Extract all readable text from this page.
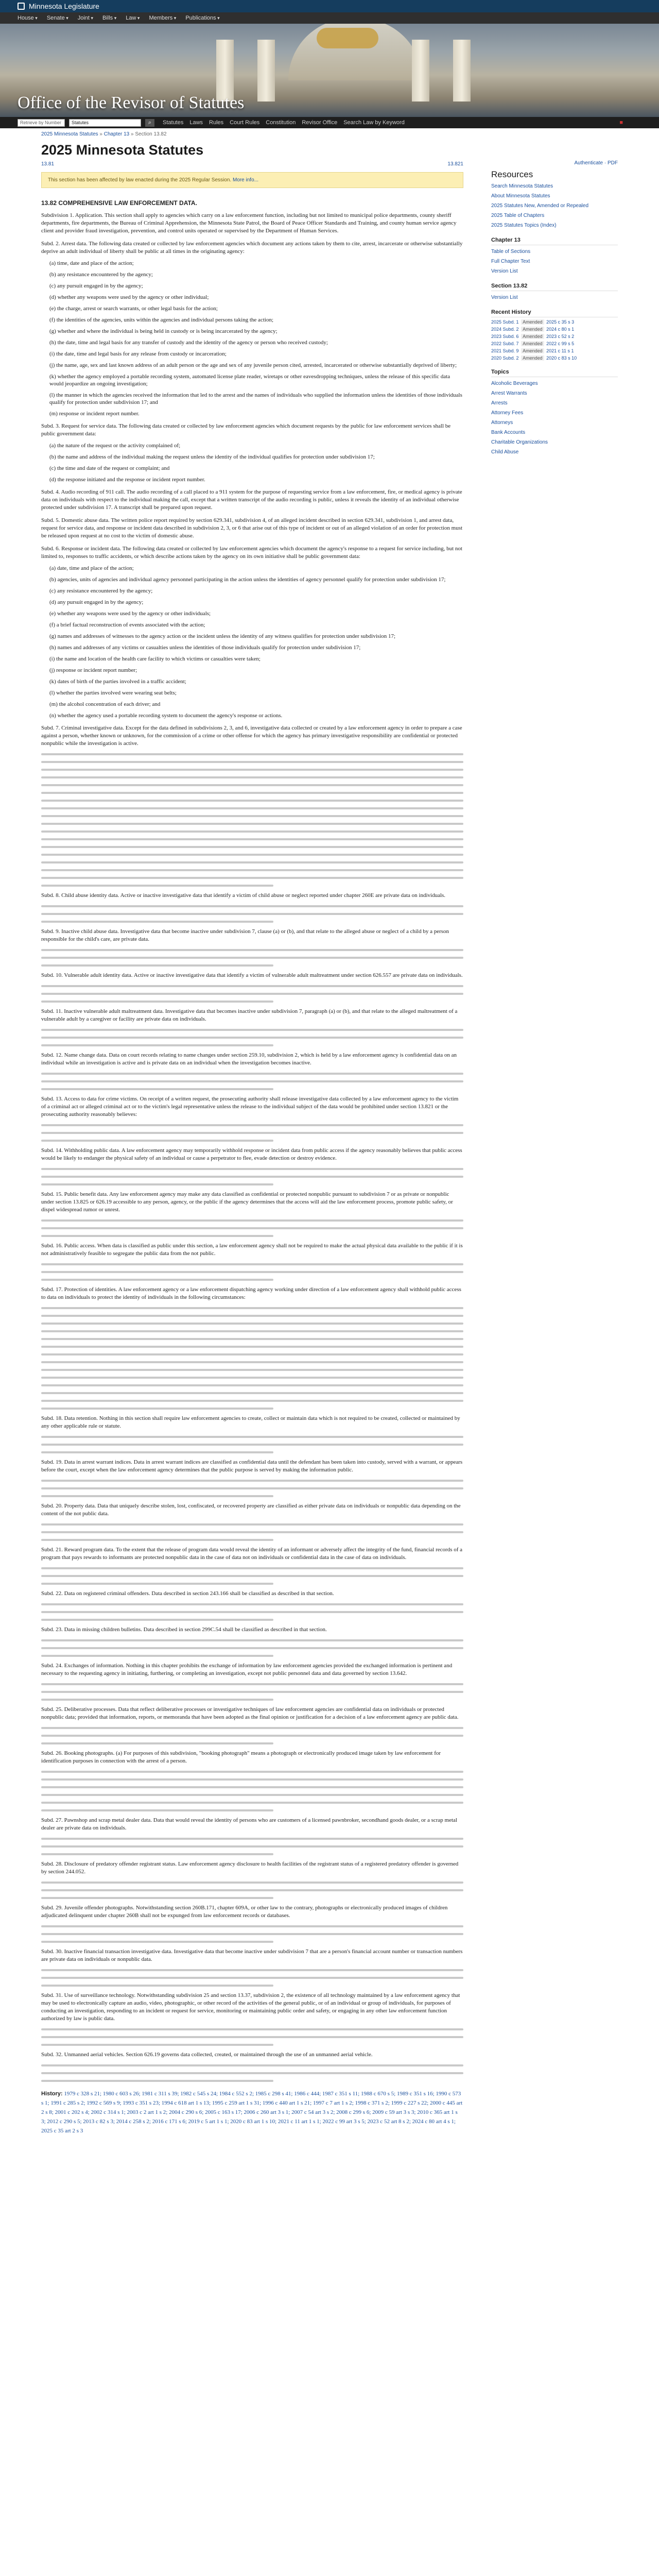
Minnesota Legislature
House ▾	Senate ▾	Joint ▾	Bills ▾	Law ▾	Members ▾	Publications ▾
Office of the Revisor of Statutes
Retrieve by Number	Statutes	⌕ Statutes Laws Rules Court Rules Constitution Revisor Office Search Law by Keyword	■
2025 Minnesota Statutes » Chapter 13 » Section 13.82
2025 Minnesota Statutes
13.81	13.821
This section has been affected by law enacted during the 2025 Regular Session. More info...
13.82 COMPREHENSIVE LAW ENFORCEMENT DATA.
Subdivision 1. Application. This section shall apply to agencies which carry on a law enforcement function, including but not limited to municipal police departments, county sheriff departments, fire departments, the Bureau of Criminal Apprehension, the Minnesota State Patrol, the Board of Peace Officer Standards and Training, and county human service agency client and provider fraud investigation, prevention, and control units operated or supervised by the Department of Human Services.
Subd. 2. Arrest data. The following data created or collected by law enforcement agencies which document any actions taken by them to cite, arrest, incarcerate or otherwise substantially deprive an adult individual of liberty shall be public at all times in the originating agency:
(a) time, date and place of the action;
(b) any resistance encountered by the agency;
(c) any pursuit engaged in by the agency;
(d) whether any weapons were used by the agency or other individual;
(e) the charge, arrest or search warrants, or other legal basis for the action;
(f) the identities of the agencies, units within the agencies and individual persons taking the action;
(g) whether and where the individual is being held in custody or is being incarcerated by the agency;
(h) the date, time and legal basis for any transfer of custody and the identity of the agency or person who received custody;
(i) the date, time and legal basis for any release from custody or incarceration;
(j) the name, age, sex and last known address of an adult person or the age and sex of any juvenile person cited, arrested, incarcerated or otherwise substantially deprived of liberty;
(k) whether the agency employed a portable recording system, automated license plate reader, wiretaps or other eavesdropping techniques, unless the release of this specific data would jeopardize an ongoing investigation;
(l) the manner in which the agencies received the information that led to the arrest and the names of individuals who supplied the information unless the identities of those individuals qualify for protection under subdivision 17; and
(m) response or incident report number.
Subd. 3. Request for service data. The following data created or collected by law enforcement agencies which document requests by the public for law enforcement services shall be public government data:
(a) the nature of the request or the activity complained of;
(b) the name and address of the individual making the request unless the identity of the individual qualifies for protection under subdivision 17;
(c) the time and date of the request or complaint; and
(d) the response initiated and the response or incident report number.
Subd. 4. Audio recording of 911 call. The audio recording of a call placed to a 911 system for the purpose of requesting service from a law enforcement, fire, or medical agency is private data on individuals with respect to the individual making the call, except that a written transcript of the audio recording is public, unless it reveals the identity of an individual otherwise protected under subdivision 17. A transcript shall be prepared upon request.
Subd. 5. Domestic abuse data. The written police report required by section 629.341, subdivision 4, of an alleged incident described in section 629.341, subdivision 1, and arrest data, request for service data, and response or incident data described in subdivision 2, 3, or 6 that arise out of this type of incident or out of an alleged violation of an order for protection must be released upon request at no cost to the victim of domestic abuse.
Subd. 6. Response or incident data. The following data created or collected by law enforcement agencies which document the agency's response to a request for service including, but not limited to, responses to traffic accidents, or which describe actions taken by the agency on its own initiative shall be public government data:
(a) date, time and place of the action;
(b) agencies, units of agencies and individual agency personnel participating in the action unless the identities of agency personnel qualify for protection under subdivision 17;
(c) any resistance encountered by the agency;
(d) any pursuit engaged in by the agency;
(e) whether any weapons were used by the agency or other individuals;
(f) a brief factual reconstruction of events associated with the action;
(g) names and addresses of witnesses to the agency action or the incident unless the identity of any witness qualifies for protection under subdivision 17;
(h) names and addresses of any victims or casualties unless the identities of those individuals qualify for protection under subdivision 17;
(i) the name and location of the health care facility to which victims or casualties were taken;
(j) response or incident report number;
(k) dates of birth of the parties involved in a traffic accident;
(l) whether the parties involved were wearing seat belts;
(m) the alcohol concentration of each driver; and
(n) whether the agency used a portable recording system to document the agency's response or actions.
Subd. 7. Criminal investigative data. Except for the data defined in subdivisions 2, 3, and 6, investigative data collected or created by a law enforcement agency in order to prepare a case against a person, whether known or unknown, for the commission of a crime or other offense for which the agency has primary investigative responsibility are confidential or protected nonpublic while the investigation is active.
Subd. 8. Child abuse identity data. Active or inactive investigative data that identify a victim of child abuse or neglect reported under chapter 260E are private data on individuals.
Subd. 9. Inactive child abuse data. Investigative data that become inactive under subdivision 7, clause (a) or (b), and that relate to the alleged abuse or neglect of a child by a person responsible for the child's care, are private data.
Subd. 10. Vulnerable adult identity data. Active or inactive investigative data that identify a victim of vulnerable adult maltreatment under section 626.557 are private data on individuals.
Subd. 11. Inactive vulnerable adult maltreatment data. Investigative data that becomes inactive under subdivision 7, paragraph (a) or (b), and that relate to the alleged maltreatment of a vulnerable adult by a caregiver or facility are private data on individuals.
Subd. 12. Name change data. Data on court records relating to name changes under section 259.10, subdivision 2, which is held by a law enforcement agency is confidential data on an individual while an investigation is active and is private data on an individual when the investigation becomes inactive.
Subd. 13. Access to data for crime victims. On receipt of a written request, the prosecuting authority shall release investigative data collected by a law enforcement agency to the victim of a criminal act or alleged criminal act or to the victim's legal representative unless the release to the individual subject of the data would be prohibited under section 13.821 or the prosecuting authority reasonably believes:
Subd. 14. Withholding public data. A law enforcement agency may temporarily withhold response or incident data from public access if the agency reasonably believes that public access would be likely to endanger the physical safety of an individual or cause a perpetrator to flee, evade detection or destroy evidence.
Subd. 15. Public benefit data. Any law enforcement agency may make any data classified as confidential or protected nonpublic pursuant to subdivision 7 or as private or nonpublic under section 13.825 or 626.19 accessible to any person, agency, or the public if the agency determines that the access will aid the law enforcement process, promote public safety, or dispel widespread rumor or unrest.
Subd. 16. Public access. When data is classified as public under this section, a law enforcement agency shall not be required to make the actual physical data available to the public if it is not administratively feasible to segregate the public data from the not public.
Subd. 17. Protection of identities. A law enforcement agency or a law enforcement dispatching agency working under direction of a law enforcement agency shall withhold public access to data on individuals to protect the identity of individuals in the following circumstances:
Subd. 18. Data retention. Nothing in this section shall require law enforcement agencies to create, collect or maintain data which is not required to be created, collected or maintained by any other applicable rule or statute.
Subd. 19. Data in arrest warrant indices. Data in arrest warrant indices are classified as confidential data until the defendant has been taken into custody, served with a warrant, or appears before the court, except when the law enforcement agency determines that the public purpose is served by making the information public.
Subd. 20. Property data. Data that uniquely describe stolen, lost, confiscated, or recovered property are classified as either private data on individuals or nonpublic data depending on the content of the not public data.
Subd. 21. Reward program data. To the extent that the release of program data would reveal the identity of an informant or adversely affect the integrity of the fund, financial records of a program that pays rewards to informants are protected nonpublic data in the case of data not on individuals or confidential data in the case of data on individuals.
Subd. 22. Data on registered criminal offenders. Data described in section 243.166 shall be classified as described in that section.
Subd. 23. Data in missing children bulletins. Data described in section 299C.54 shall be classified as described in that section.
Subd. 24. Exchanges of information. Nothing in this chapter prohibits the exchange of information by law enforcement agencies provided the exchanged information is pertinent and necessary to the requesting agency in initiating, furthering, or completing an investigation, except not public personnel data and data governed by section 13.642.
Subd. 25. Deliberative processes. Data that reflect deliberative processes or investigative techniques of law enforcement agencies are confidential data on individuals or protected nonpublic data; provided that information, reports, or memoranda that have been adopted as the final opinion or justification for a decision of a law enforcement agency are public data.
Subd. 26. Booking photographs. (a) For purposes of this subdivision, "booking photograph" means a photograph or electronically produced image taken by law enforcement for identification purposes in connection with the arrest of a person.
Subd. 27. Pawnshop and scrap metal dealer data. Data that would reveal the identity of persons who are customers of a licensed pawnbroker, secondhand goods dealer, or a scrap metal dealer are private data on individuals.
Subd. 28. Disclosure of predatory offender registrant status. Law enforcement agency disclosure to health facilities of the registrant status of a registered predatory offender is governed by section 244.052.
Subd. 29. Juvenile offender photographs. Notwithstanding section 260B.171, chapter 609A, or other law to the contrary, photographs or electronically produced images of children adjudicated delinquent under chapter 260B shall not be expunged from law enforcement records or databases.
Subd. 30. Inactive financial transaction investigative data. Investigative data that become inactive under subdivision 7 that are a person's financial account number or transaction numbers are private data on individuals or nonpublic data.
Subd. 31. Use of surveillance technology. Notwithstanding subdivision 25 and section 13.37, subdivision 2, the existence of all technology maintained by a law enforcement agency that may be used to electronically capture an audio, video, photographic, or other record of the activities of the general public, or of an individual or group of individuals, for purposes of conducting an investigation, responding to an incident or request for service, monitoring or maintaining public order and safety, or engaging in any other law enforcement function authorized by law is public data.
Subd. 32. Unmanned aerial vehicles. Section 626.19 governs data collected, created, or maintained through the use of an unmanned aerial vehicle.
History: 1979 c 328 s 21; 1980 c 603 s 26; 1981 c 311 s 39; 1982 c 545 s 24; 1984 c 552 s 2; 1985 c 298 s 41; 1986 c 444; 1987 c 351 s 11; 1988 c 670 s 5; 1989 c 351 s 16; 1990 c 573 s 1; 1991 c 285 s 2; 1992 c 569 s 9; 1993 c 351 s 23; 1994 c 618 art 1 s 13; 1995 c 259 art 1 s 31; 1996 c 440 art 1 s 21; 1997 c 7 art 1 s 2; 1998 c 371 s 2; 1999 c 227 s 22; 2000 c 445 art 2 s 8; 2001 c 202 s 4; 2002 c 314 s 1; 2003 c 2 art 1 s 2; 2004 c 290 s 6; 2005 c 163 s 17; 2006 c 260 art 3 s 1; 2007 c 54 art 3 s 2; 2008 c 299 s 6; 2009 c 59 art 3 s 3; 2010 c 365 art 1 s 3; 2012 c 290 s 5; 2013 c 82 s 3; 2014 c 258 s 2; 2016 c 171 s 6; 2019 c 5 art 1 s 1; 2020 c 83 art 1 s 10; 2021 c 11 art 1 s 1; 2022 c 99 art 3 s 5; 2023 c 52 art 8 s 2; 2024 c 80 art 4 s 1; 2025 c 35 art 2 s 3
Authenticate · PDF
Resources
Search Minnesota Statutes
About Minnesota Statutes
2025 Statutes New, Amended or Repealed
2025 Table of Chapters
2025 Statutes Topics (Index)
Chapter 13
Table of Sections
Full Chapter Text
Version List
Section 13.82
Version List
Recent History
2025 Subd. 1 Amended 2025 c 35 s 3
2024 Subd. 2 Amended 2024 c 80 s 1
2023 Subd. 6 Amended 2023 c 52 s 2
2022 Subd. 7 Amended 2022 c 99 s 5
2021 Subd. 9 Amended 2021 c 11 s 1
2020 Subd. 2 Amended 2020 c 83 s 10
Topics
Alcoholic Beverages
Arrest Warrants
Arrests
Attorney Fees
Attorneys
Bank Accounts
Charitable Organizations
Child Abuse
